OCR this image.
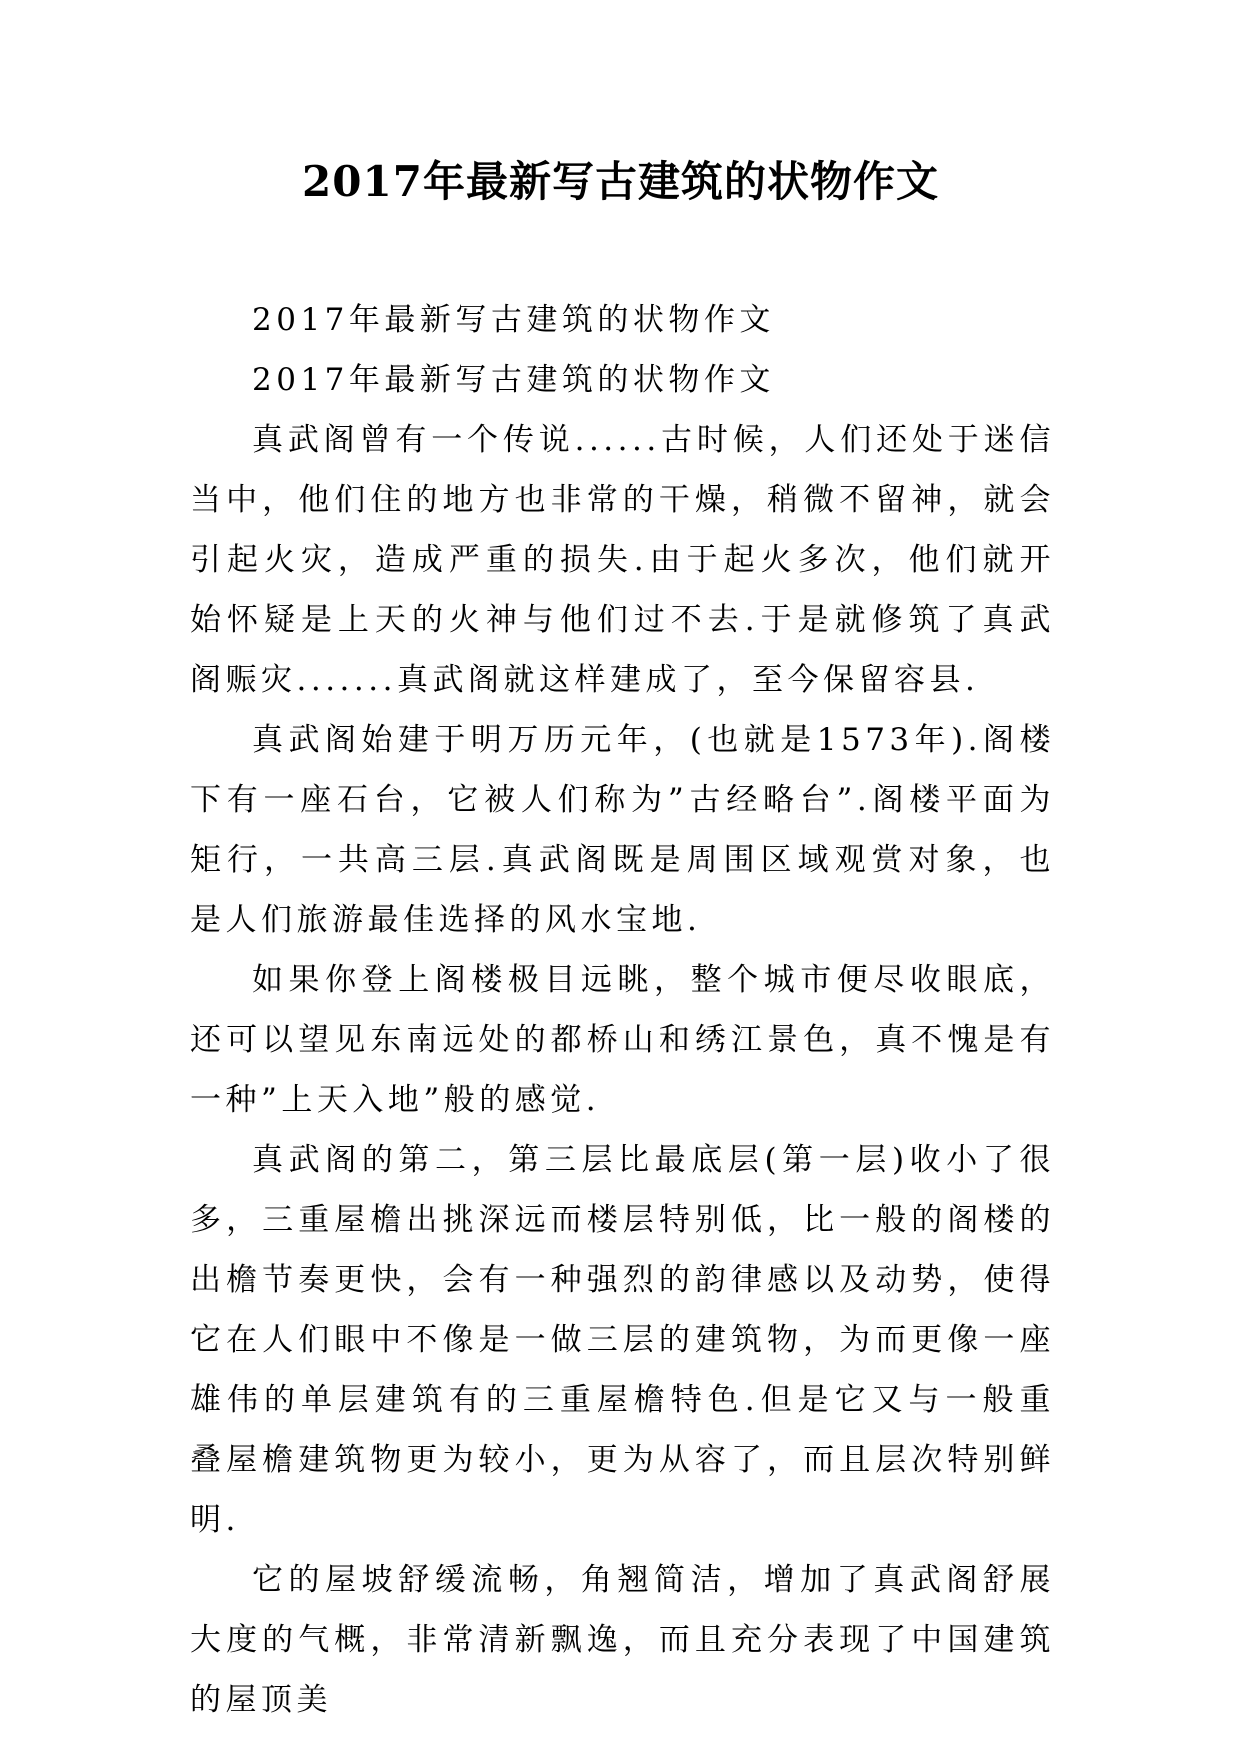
2017年最新写古建筑的状物作文

2017年最新写古建筑的状物作文

2017年最新写古建筑的状物作文

真武阁曾有一个传说......古时候，人们还处于迷信当中，他们住的地方也非常的干燥，稍微不留神，就会引起火灾，造成严重的损失.由于起火多次，他们就开始怀疑是上天的火神与他们过不去.于是就修筑了真武阁赈灾.......真武阁就这样建成了，至今保留容县.

真武阁始建于明万历元年，(也就是1573年).阁楼下有一座石台，它被人们称为”古经略台”.阁楼平面为矩行，一共高三层.真武阁既是周围区域观赏对象，也是人们旅游最佳选择的风水宝地.

如果你登上阁楼极目远眺，整个城市便尽收眼底，还可以望见东南远处的都桥山和绣江景色，真不愧是有一种”上天入地”般的感觉.

真武阁的第二，第三层比最底层(第一层)收小了很多，三重屋檐出挑深远而楼层特别低，比一般的阁楼的出檐节奏更快，会有一种强烈的韵律感以及动势，使得它在人们眼中不像是一做三层的建筑物，为而更像一座雄伟的单层建筑有的三重屋檐特色.但是它又与一般重叠屋檐建筑物更为较小，更为从容了，而且层次特别鲜明.

它的屋坡舒缓流畅，角翘简洁，增加了真武阁舒展大度的气概，非常清新飘逸，而且充分表现了中国建筑的屋顶美
